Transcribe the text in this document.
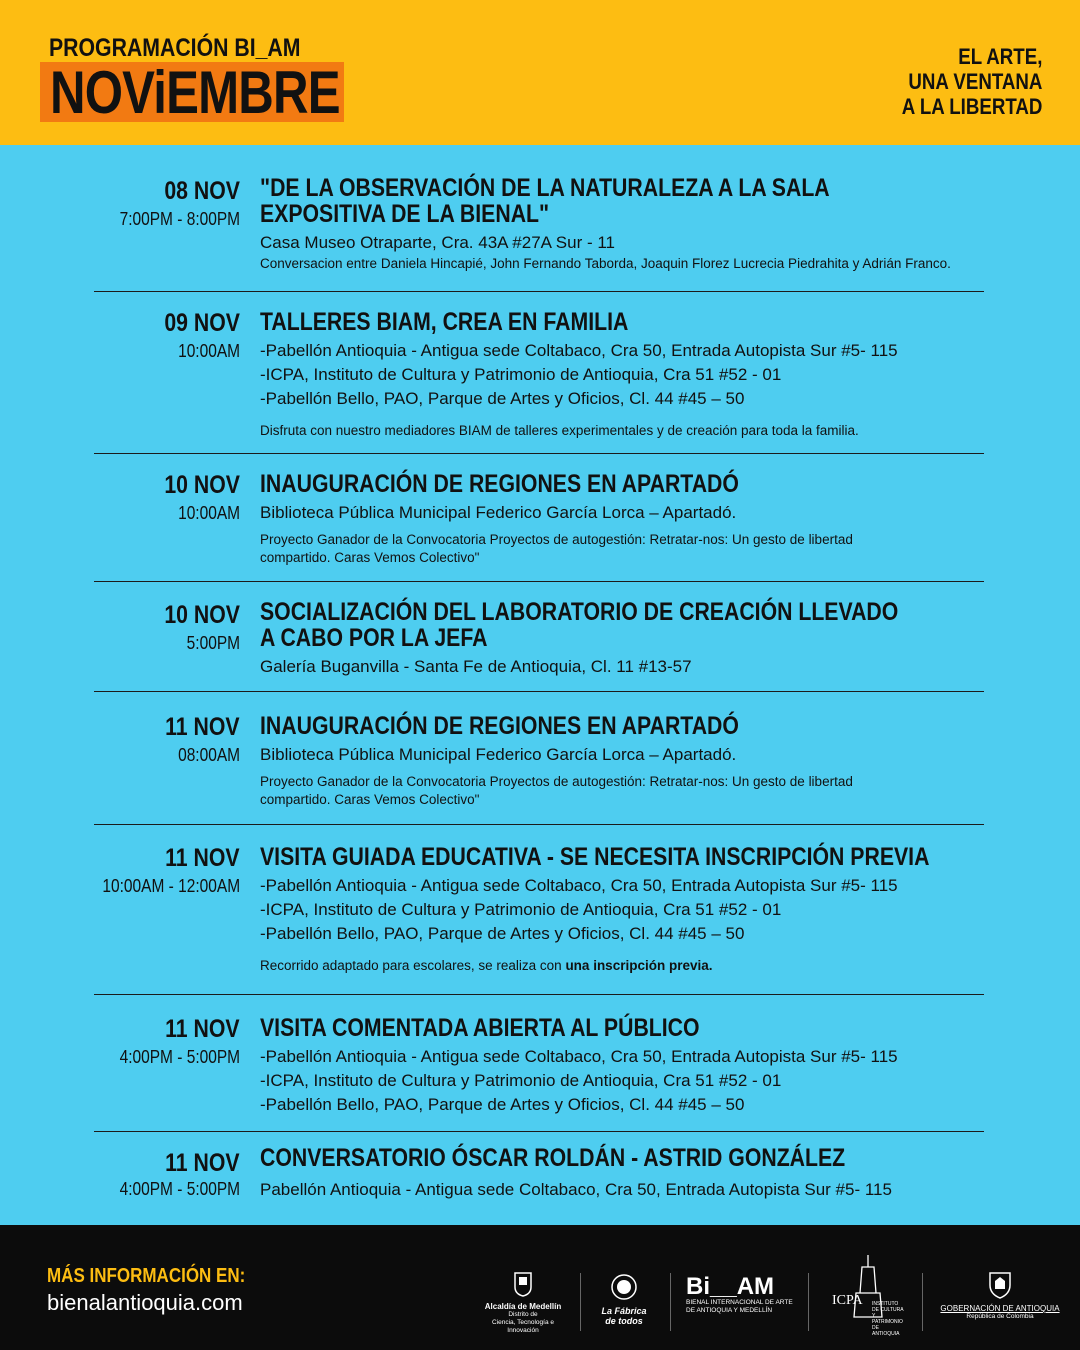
PROGRAMACIÓN BI_AM
NOViEMBRE
EL ARTE,
UNA VENTANA
A LA LIBERTAD
08 NOV
7:00PM - 8:00PM
"DE LA OBSERVACIÓN DE LA NATURALEZA A LA SALA EXPOSITIVA DE LA BIENAL"
Casa Museo Otraparte, Cra. 43A #27A Sur - 11
Conversacion entre Daniela Hincapié, John Fernando Taborda, Joaquin Florez Lucrecia Piedrahita y Adrián Franco.
09 NOV
10:00AM
TALLERES BIAM, CREA EN FAMILIA
-Pabellón Antioquia - Antigua sede Coltabaco, Cra 50, Entrada Autopista Sur #5- 115
-ICPA, Instituto de Cultura y Patrimonio de Antioquia, Cra 51 #52 - 01
-Pabellón Bello, PAO, Parque de Artes y Oficios, Cl. 44 #45 – 50
Disfruta con nuestro mediadores BIAM de talleres experimentales y de creación para toda la familia.
10 NOV
10:00AM
INAUGURACIÓN DE REGIONES EN APARTADÓ
Biblioteca Pública Municipal Federico García Lorca – Apartadó.
Proyecto Ganador de la Convocatoria Proyectos de autogestión: Retratar-nos: Un gesto de libertad compartido. Caras Vemos Colectivo"
10 NOV
5:00PM
SOCIALIZACIÓN DEL LABORATORIO DE CREACIÓN LLEVADO A CABO POR LA JEFA
Galería Buganvilla - Santa Fe de Antioquia, Cl. 11 #13-57
11 NOV
08:00AM
INAUGURACIÓN DE REGIONES EN APARTADÓ
Biblioteca Pública Municipal Federico García Lorca – Apartadó.
Proyecto Ganador de la Convocatoria Proyectos de autogestión: Retratar-nos: Un gesto de libertad compartido. Caras Vemos Colectivo"
11 NOV
10:00AM - 12:00AM
VISITA GUIADA EDUCATIVA - SE NECESITA INSCRIPCIÓN PREVIA
-Pabellón Antioquia - Antigua sede Coltabaco, Cra 50, Entrada Autopista Sur #5- 115
-ICPA, Instituto de Cultura y Patrimonio de Antioquia, Cra 51 #52 - 01
-Pabellón Bello, PAO, Parque de Artes y Oficios, Cl. 44 #45 – 50
Recorrido adaptado para escolares, se realiza con una inscripción previa.
11 NOV
4:00PM - 5:00PM
VISITA COMENTADA ABIERTA AL PÚBLICO
-Pabellón Antioquia - Antigua sede Coltabaco, Cra 50, Entrada Autopista Sur #5- 115
-ICPA, Instituto de Cultura y Patrimonio de Antioquia, Cra 51 #52 - 01
-Pabellón Bello, PAO, Parque de Artes y Oficios, Cl. 44 #45 – 50
11 NOV
4:00PM - 5:00PM
CONVERSATORIO ÓSCAR ROLDÁN - ASTRID GONZÁLEZ
Pabellón Antioquia - Antigua sede Coltabaco, Cra 50, Entrada Autopista Sur #5- 115
MÁS INFORMACIÓN EN:
bienalantioquia.com	Alcaldía de Medellín
Distrito de
Ciencia, Tecnología e Innovación
La Fábrica
de todos
Bi__AM
BIENAL INTERNACIONAL DE ARTE
DE ANTIOQUIA Y MEDELLÍN
ICPA INSTITUTO DE CULTURA Y PATRIMONIO DE ANTIOQUIA
GOBERNACIÓN DE ANTIOQUIA
República de Colombia
